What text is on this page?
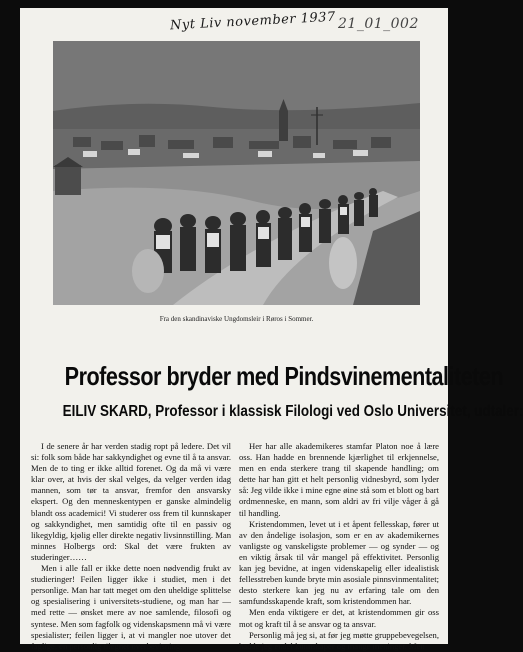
Nyt Liv november 1937 21_01_002
Fra den skandinaviske Ungdomsleir i Røros i Sommer.
Professor bryder med Pindsvinementaliteten
EILIV SKARD, Professor i klassisk Filologi ved Oslo Universitet, udtaler:

I de senere år har verden stadig ropt på ledere. Det vil si: folk som både har sakkyndighet og evne til å ta ansvar. Men de to ting er ikke alltid forenet. Og da må vi være klar over, at hvis der skal velges, da velger verden idag mannen, som tør ta ansvar, fremfor den ansvarsky ekspert. Og den menneskentypen er ganske almindelig blandt oss academici! Vi studerer oss frem til kunnskaper og sakkyndighet, men samtidig ofte til en passiv og likegyldig, kjølig eller direkte negativ livsinnstilling. Man minnes Holbergs ord: Skal det være frukten av studeringer……

Men i alle fall er ikke dette noen nødvendig frukt av studieringer! Feilen ligger ikke i studiet, men i det personlige. Man har tatt meget om den uheldige splittelse og spesialisering i universitets-studiene, og man har — med rette — ønsket mere av noe samlende, filosofi og syntese. Men som fagfolk og videnskapsmenn må vi være spesialister; feilen ligger i, at vi mangler noe utover det faglige, en personlig tilegnet overbevisning.

Her har alle akademikeres stamfar Platon noe å lære oss. Han hadde en brennende kjærlighet til erkjennelse, men en enda sterkere trang til skapende handling; om dette har han gitt et helt personlig vidnesbyrd, som lyder så: Jeg vilde ikke i mine egne øine stå som et blott og bart ordmenneske, en mann, som aldri av fri vilje våger å gå til handling.

Kristendommen, levet ut i et åpent fellesskap, fører ut av den åndelige isolasjon, som er en av akademikernes vanligste og vanskeligste problemer — og synder — og en viktig årsak til vår mangel på effektivitet. Personlig kan jeg bevidne, at ingen videnskapelig eller idealistisk fellesstreben kunde bryte min asosiale pinnsvinmentalitet; desto sterkere kan jeg nu av erfaring tale om den samfundsskapende kraft, som kristendommen har.

Men enda viktigere er det, at kristendommen gir oss mot og kraft til å se ansvar og ta ansvar.

Personlig må jeg si, at før jeg møtte gruppebevegelsen, hadde jeg endel kunnskaper og mange meninger. Men
